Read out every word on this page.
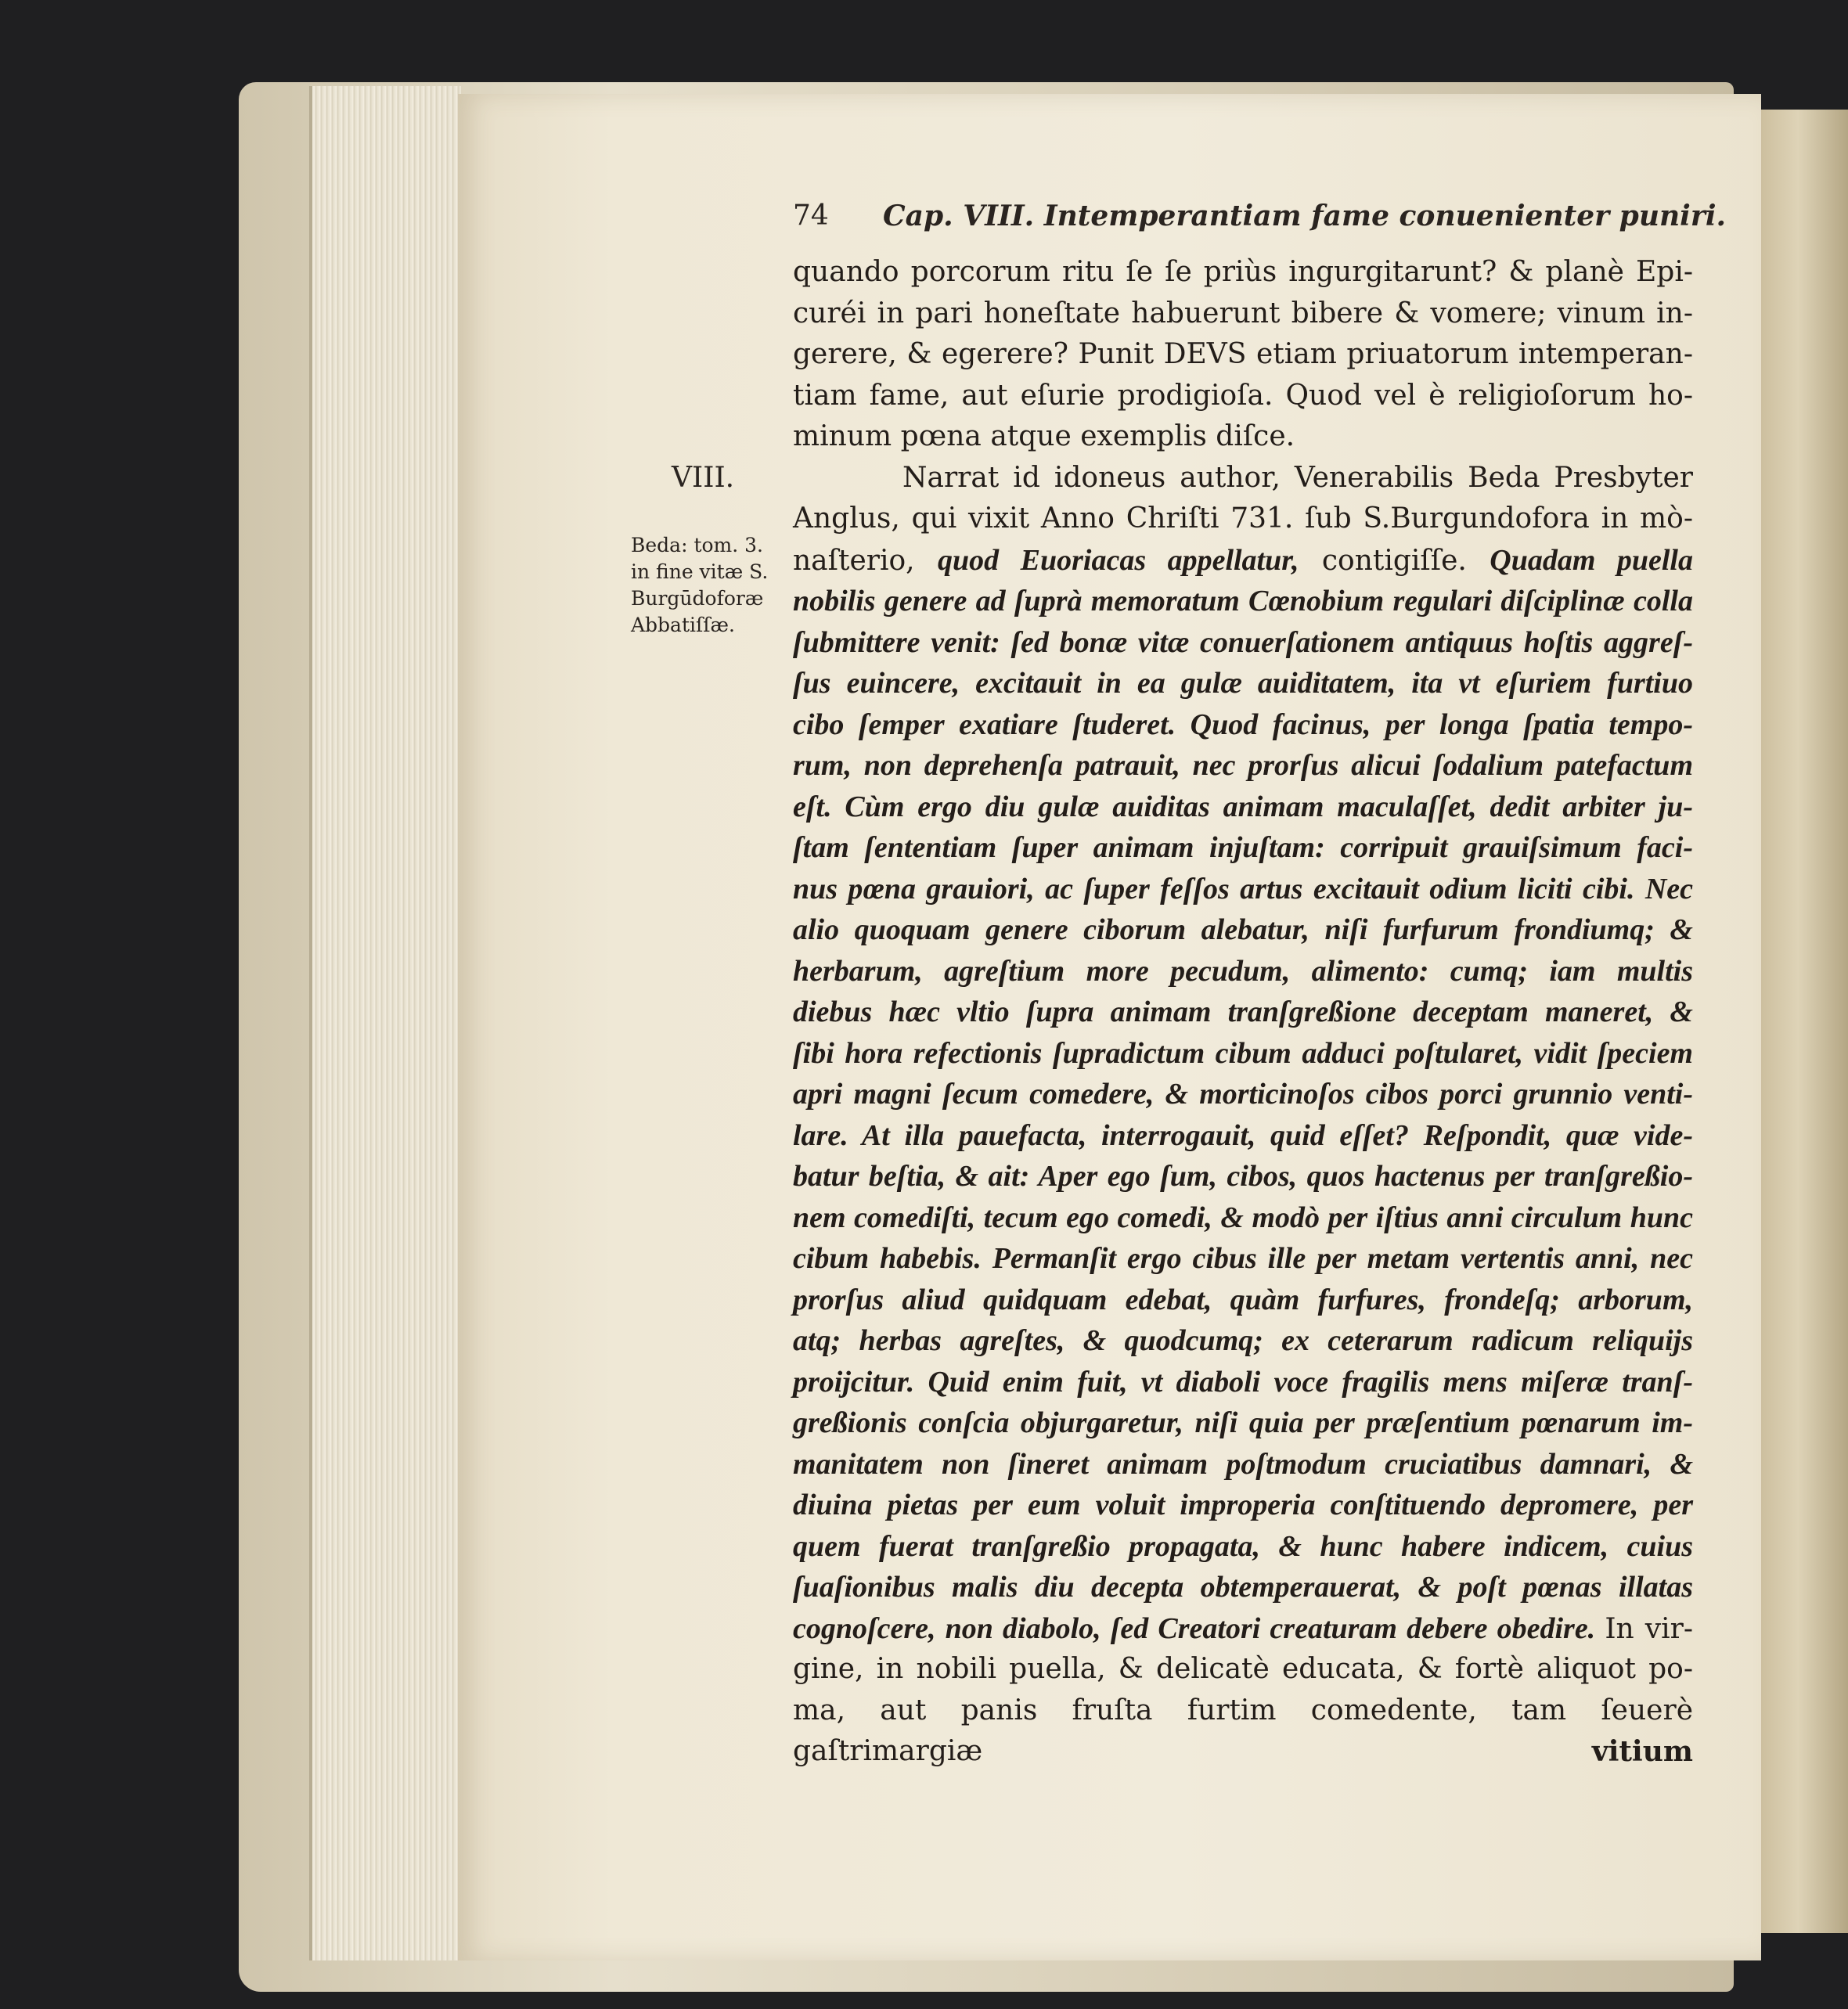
74 Cap. VIII. Intemperantiam fame conuenienter puniri.
quando porcorum ritu ſe ſe priùs ingurgitarunt? & planè Epi-
curéi in pari honeſtate habuerunt bibere & vomere; vinum in-
gerere, & egerere? Punit DEVS etiam priuatorum intemperan-
tiam fame, aut eſurie prodigioſa. Quod vel è religioſorum ho-
minum pœna atque exemplis diſce.
VIII.
Beda: tom. 3.
in fine vitæ S.
Burgūdoforæ
Abbatiſſæ.
Narrat id idoneus author, Venerabilis Beda Presbyter
Anglus, qui vixit Anno Chriſti 731. ſub S.Burgundofora in mò-
naſterio, quod Euoriacas appellatur, contigiſſe. Quadam puella
nobilis genere ad ſuprà memoratum Cœnobium regulari diſciplinæ colla
ſubmittere venit: ſed bonæ vitæ conuerſationem antiquus hoſtis aggreſ-
ſus euincere, excitauit in ea gulæ auiditatem, ita vt eſuriem furtiuo
cibo ſemper exatiare ſtuderet. Quod facinus, per longa ſpatia tempo-
rum, non deprehenſa patrauit, nec prorſus alicui ſodalium patefactum
eſt. Cùm ergo diu gulæ auiditas animam maculaſſet, dedit arbiter ju-
ſtam ſententiam ſuper animam injuſtam: corripuit grauiſsimum faci-
nus pœna grauiori, ac ſuper feſſos artus excitauit odium liciti cibi. Nec
alio quoquam genere ciborum alebatur, niſi furfurum frondiumq; &
herbarum, agreſtium more pecudum, alimento: cumq; iam multis
diebus hæc vltio ſupra animam tranſgreßione deceptam maneret, &
ſibi hora refectionis ſupradictum cibum adduci poſtularet, vidit ſpeciem
apri magni ſecum comedere, & morticinoſos cibos porci grunnio venti-
lare. At illa pauefacta, interrogauit, quid eſſet? Reſpondit, quæ vide-
batur beſtia, & ait: Aper ego ſum, cibos, quos hactenus per tranſgreßio-
nem comediſti, tecum ego comedi, & modò per iſtius anni circulum hunc
cibum habebis. Permanſit ergo cibus ille per metam vertentis anni, nec
prorſus aliud quidquam edebat, quàm furfures, frondeſq; arborum,
atq; herbas agreſtes, & quodcumq; ex ceterarum radicum reliquijs
proijcitur. Quid enim fuit, vt diaboli voce fragilis mens miſeræ tranſ-
greßionis conſcia objurgaretur, niſi quia per præſentium pœnarum im-
manitatem non ſineret animam poſtmodum cruciatibus damnari, &
diuina pietas per eum voluit improperia conſtituendo depromere, per
quem fuerat tranſgreßio propagata, & hunc habere indicem, cuius
ſuaſionibus malis diu decepta obtemperauerat, & poſt pœnas illatas
cognoſcere, non diabolo, ſed Creatori creaturam debere obedire. In vir-
gine, in nobili puella, & delicatè educata, & fortè aliquot po-
ma, aut panis fruſta furtim comedente, tam ſeuerè gaſtrimargiæ	vitium
